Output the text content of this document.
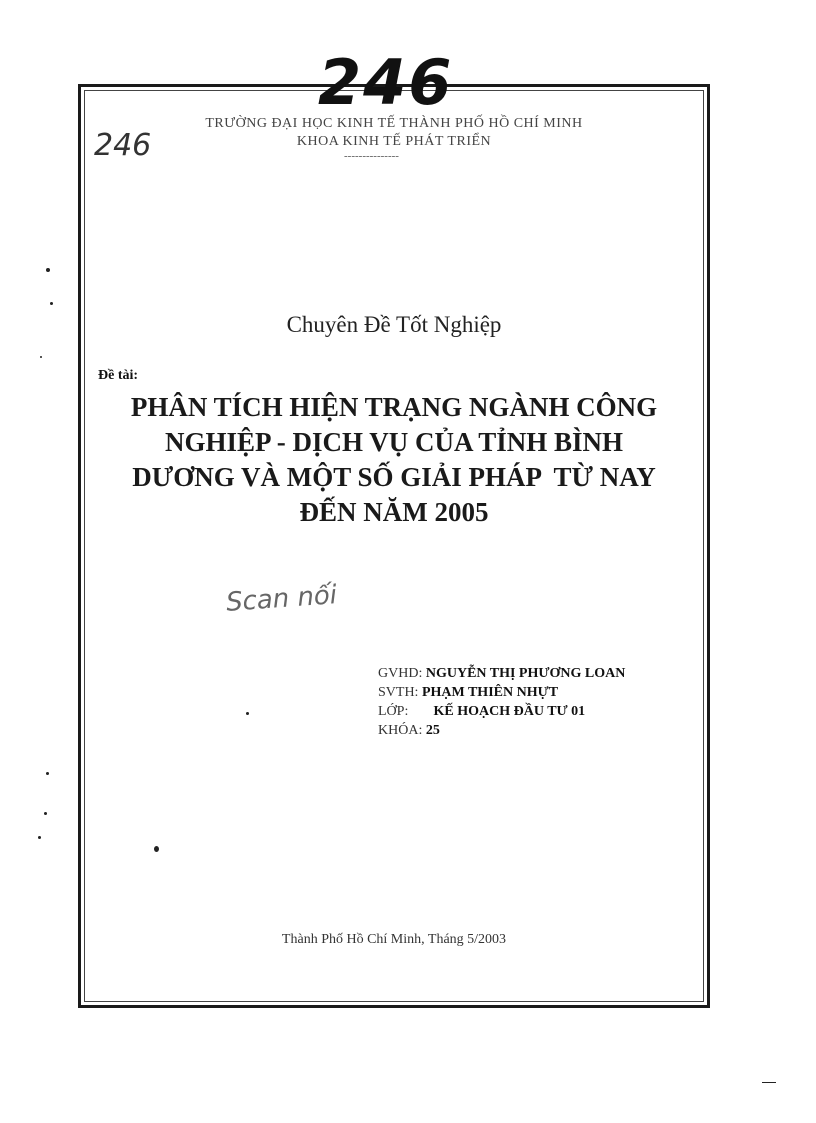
TRƯỜNG ĐẠI HỌC KINH TẾ THÀNH PHỐ HỒ CHÍ MINH
KHOA KINH TẾ PHÁT TRIỂN
---------------
246
246
Chuyên Đề Tốt Nghiệp
Đề tài:
PHÂN TÍCH HIỆN TRẠNG NGÀNH CÔNG
NGHIỆP - DỊCH VỤ CỦA TỈNH BÌNH
DƯƠNG VÀ MỘT SỐ GIẢI PHÁP  TỪ NAY
ĐẾN NĂM 2005
Scan nối
GVHD: NGUYỄN THỊ PHƯƠNG LOAN
SVTH: PHẠM THIÊN NHỰT
LỚP: KẾ HOẠCH ĐẦU TƯ 01
KHÓA: 25
Thành Phố Hồ Chí Minh, Tháng 5/2003
